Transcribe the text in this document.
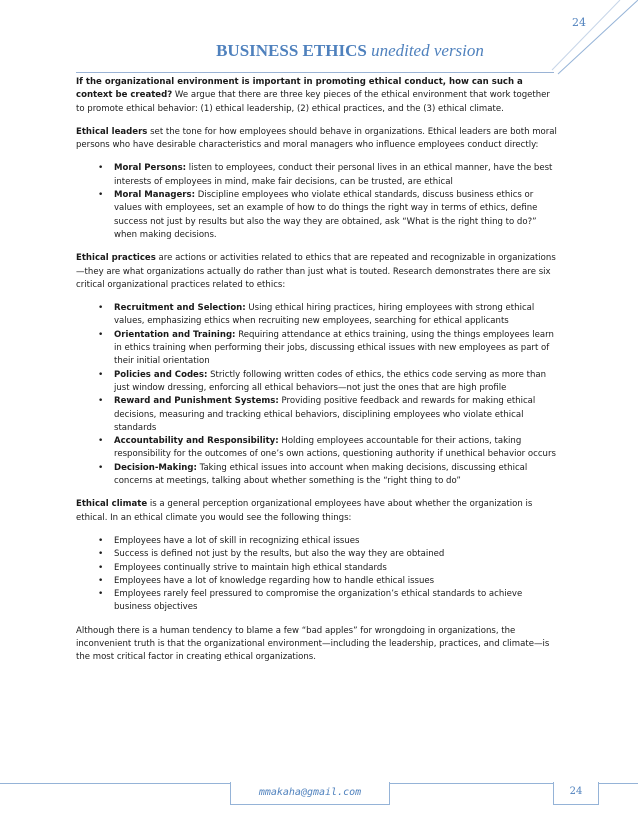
24
BUSINESS ETHICS unedited version

If the organizational environment is important in promoting ethical conduct, how can such a context be created? We argue that there are three key pieces of the ethical environment that work together to promote ethical behavior: (1) ethical leadership, (2) ethical practices, and the (3) ethical climate.

Ethical leaders set the tone for how employees should behave in organizations. Ethical leaders are both moral persons who have desirable characteristics and moral managers who influence employees conduct directly:

• Moral Persons: listen to employees, conduct their personal lives in an ethical manner, have the best interests of employees in mind, make fair decisions, can be trusted, are ethical
• Moral Managers: Discipline employees who violate ethical standards, discuss business ethics or values with employees, set an example of how to do things the right way in terms of ethics, define success not just by results but also the way they are obtained, ask “What is the right thing to do?” when making decisions.

Ethical practices are actions or activities related to ethics that are repeated and recognizable in organizations—they are what organizations actually do rather than just what is touted. Research demonstrates there are six critical organizational practices related to ethics:

• Recruitment and Selection: Using ethical hiring practices, hiring employees with strong ethical values, emphasizing ethics when recruiting new employees, searching for ethical applicants
• Orientation and Training: Requiring attendance at ethics training, using the things employees learn in ethics training when performing their jobs, discussing ethical issues with new employees as part of their initial orientation
• Policies and Codes: Strictly following written codes of ethics, the ethics code serving as more than just window dressing, enforcing all ethical behaviors—not just the ones that are high profile
• Reward and Punishment Systems: Providing positive feedback and rewards for making ethical decisions, measuring and tracking ethical behaviors, disciplining employees who violate ethical standards
• Accountability and Responsibility: Holding employees accountable for their actions, taking responsibility for the outcomes of one’s own actions, questioning authority if unethical behavior occurs
• Decision-Making: Taking ethical issues into account when making decisions, discussing ethical concerns at meetings, talking about whether something is the “right thing to do”

Ethical climate is a general perception organizational employees have about whether the organization is ethical. In an ethical climate you would see the following things:

• Employees have a lot of skill in recognizing ethical issues
• Success is defined not just by the results, but also the way they are obtained
• Employees continually strive to maintain high ethical standards
• Employees have a lot of knowledge regarding how to handle ethical issues
• Employees rarely feel pressured to compromise the organization’s ethical standards to achieve business objectives

Although there is a human tendency to blame a few “bad apples” for wrongdoing in organizations, the inconvenient truth is that the organizational environment—including the leadership, practices, and climate—is the most critical factor in creating ethical organizations.

mmakaha@gmail.com	24
